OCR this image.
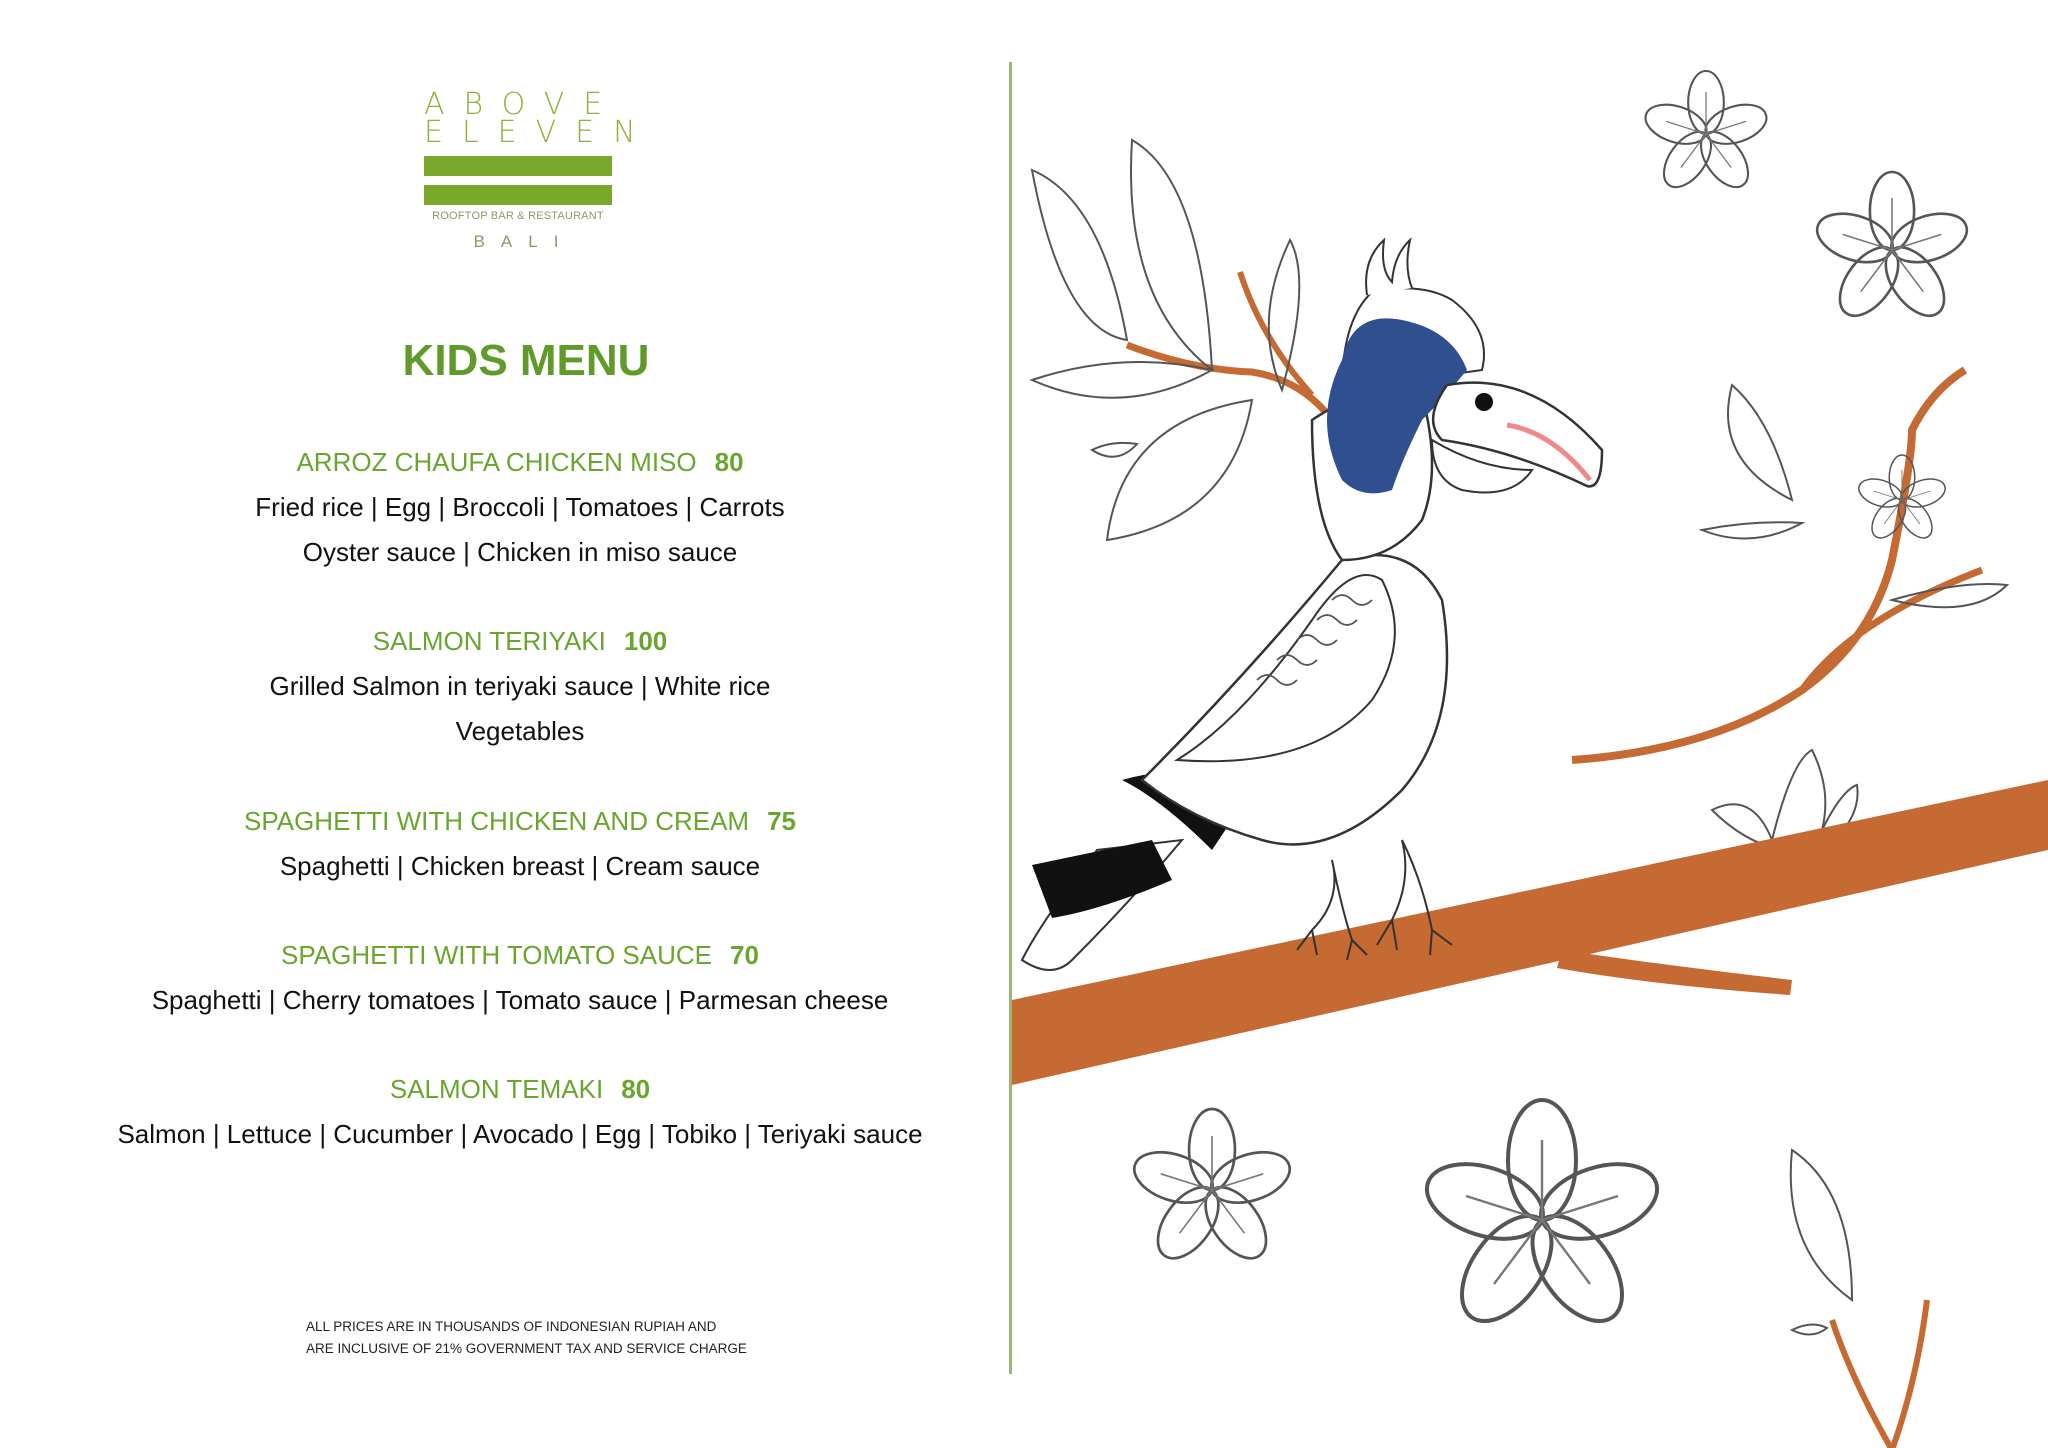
ABOVE
ELEVEN
ROOFTOP BAR & RESTAURANT
BALI
KIDS MENU
ARROZ CHAUFA CHICKEN MISO 80
Fried rice | Egg | Broccoli | Tomatoes | Carrots
Oyster sauce | Chicken in miso sauce
SALMON TERIYAKI 100
Grilled Salmon in teriyaki sauce | White rice
Vegetables
SPAGHETTI WITH CHICKEN AND CREAM 75
Spaghetti | Chicken breast | Cream sauce
SPAGHETTI WITH TOMATO SAUCE 70
Spaghetti | Cherry tomatoes | Tomato sauce | Parmesan cheese
SALMON TEMAKI 80
Salmon | Lettuce | Cucumber | Avocado | Egg | Tobiko | Teriyaki sauce
ALL PRICES ARE IN THOUSANDS OF INDONESIAN RUPIAH AND
ARE INCLUSIVE OF 21% GOVERNMENT TAX AND SERVICE CHARGE
